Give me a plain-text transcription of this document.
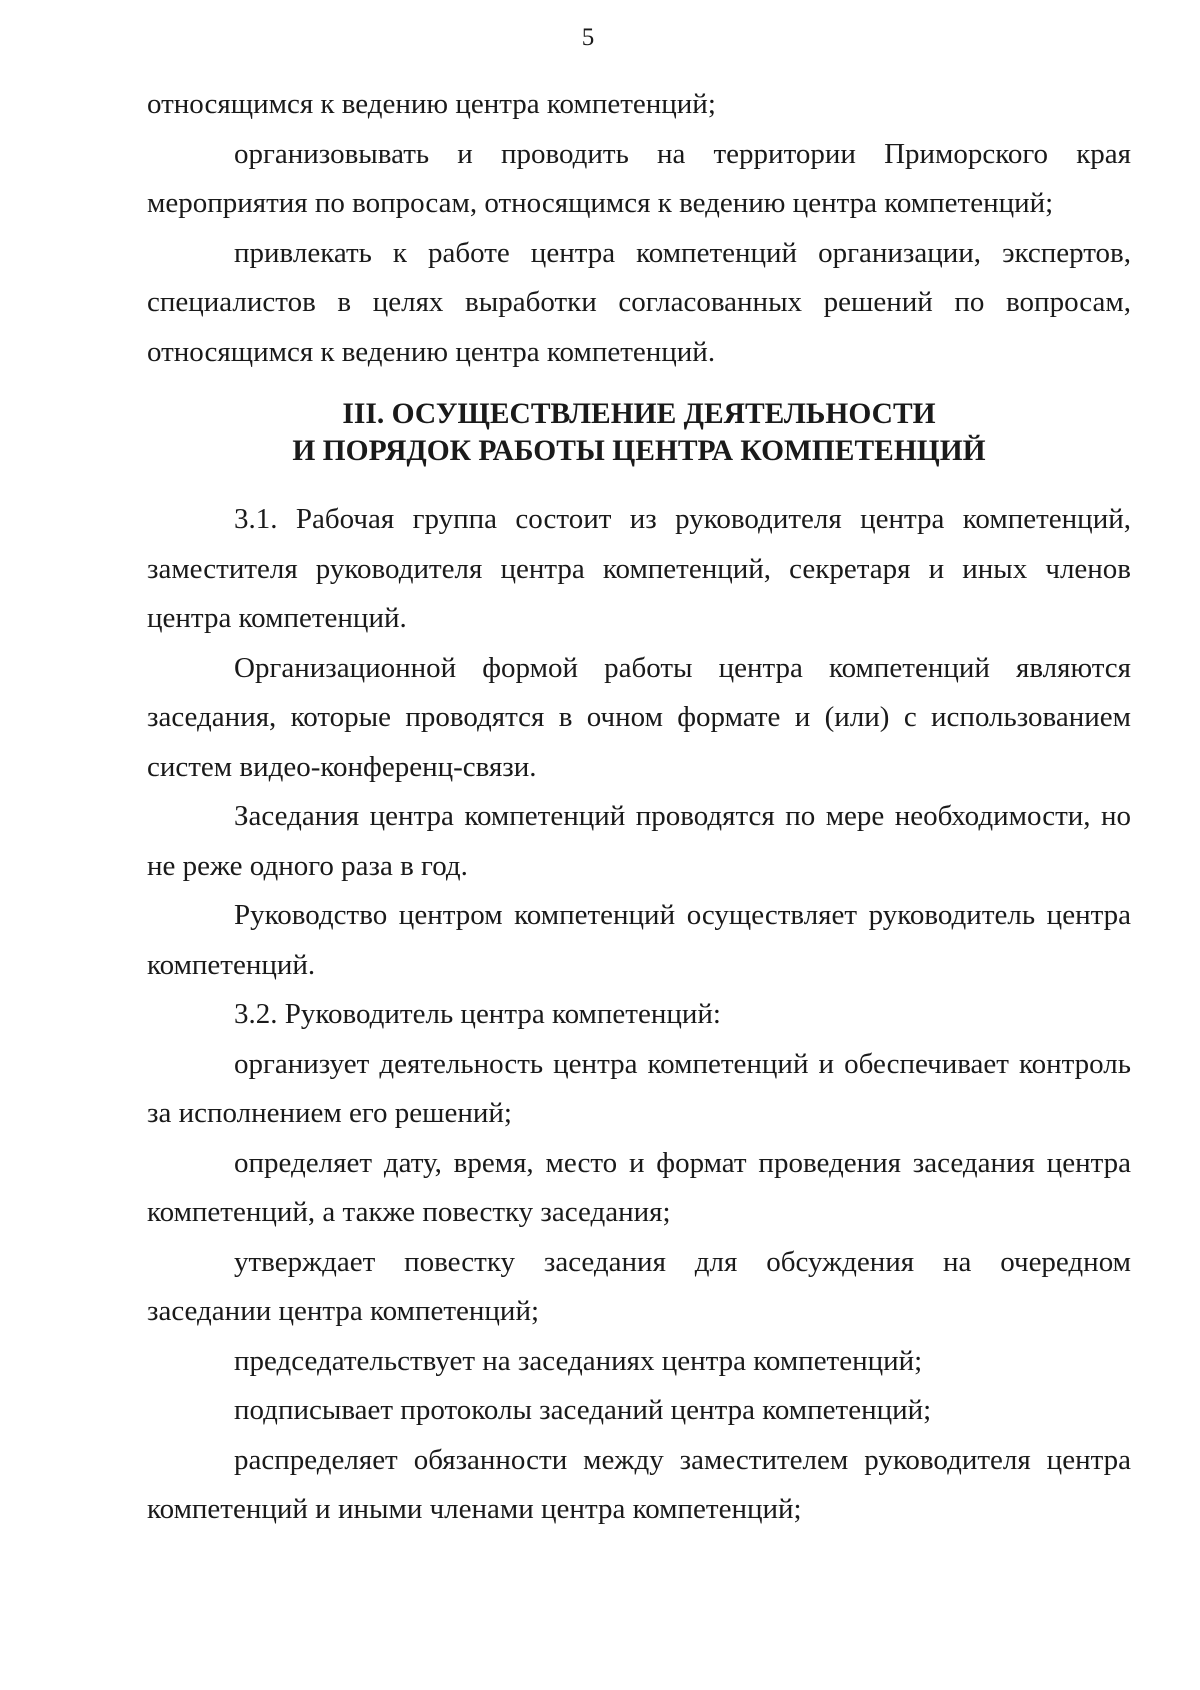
5

относящимся к ведению центра компетенций;

организовывать и проводить на территории Приморского края мероприятия по вопросам, относящимся к ведению центра компетенций;

привлекать к работе центра компетенций организации, экспертов, специалистов в целях выработки согласованных решений по вопросам, относящимся к ведению центра компетенций.

III. ОСУЩЕСТВЛЕНИЕ ДЕЯТЕЛЬНОСТИ
И ПОРЯДОК РАБОТЫ ЦЕНТРА КОМПЕТЕНЦИЙ

3.1. Рабочая группа состоит из руководителя центра компетенций, заместителя руководителя центра компетенций, секретаря и иных членов центра компетенций.

Организационной формой работы центра компетенций являются заседания, которые проводятся в очном формате и (или) с использованием систем видео-конференц-связи.

Заседания центра компетенций проводятся по мере необходимости, но не реже одного раза в год.

Руководство центром компетенций осуществляет руководитель центра компетенций.

3.2. Руководитель центра компетенций:

организует деятельность центра компетенций и обеспечивает контроль за исполнением его решений;

определяет дату, время, место и формат проведения заседания центра компетенций, а также повестку заседания;

утверждает повестку заседания для обсуждения на очередном заседании центра компетенций;

председательствует на заседаниях центра компетенций;

подписывает протоколы заседаний центра компетенций;

распределяет обязанности между заместителем руководителя центра компетенций и иными членами центра компетенций;
